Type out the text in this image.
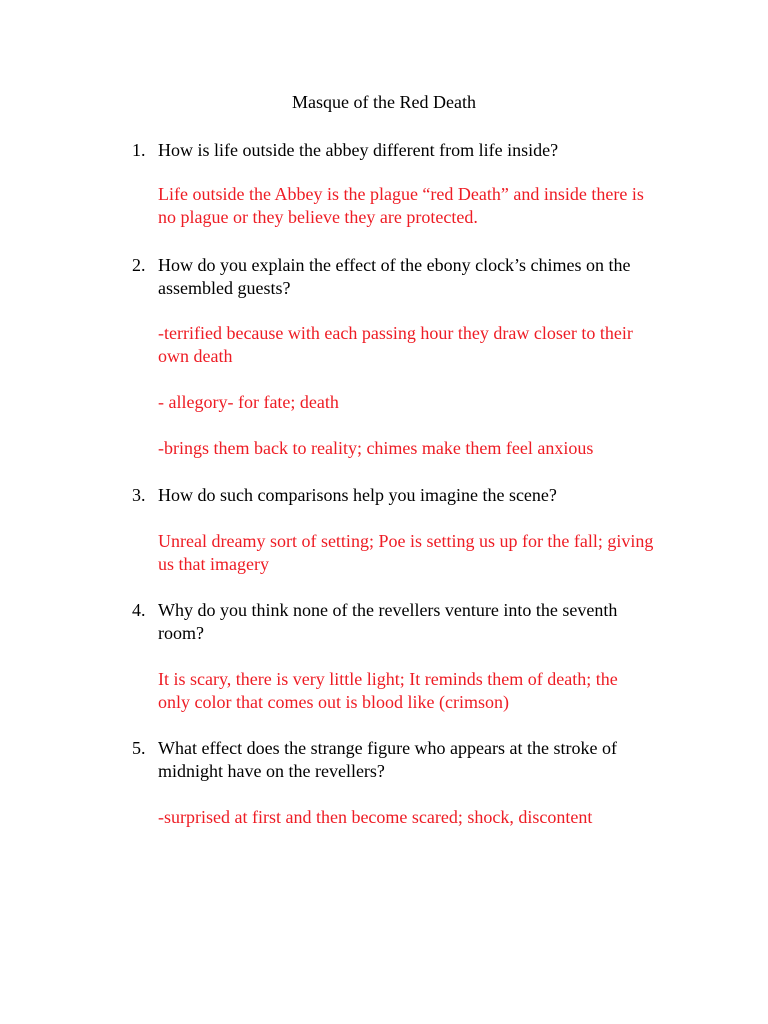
Masque of the Red Death
1. How is life outside the abbey different from life inside?
Life outside the Abbey is the plague “red Death” and inside there is no plague or they believe they are protected.
2. How do you explain the effect of the ebony clock’s chimes on the assembled guests?
-terrified because with each passing hour they draw closer to their own death
- allegory- for fate; death
-brings them back to reality; chimes make them feel anxious
3. How do such comparisons help you imagine the scene?
Unreal dreamy sort of setting; Poe is setting us up for the fall; giving us that imagery
4. Why do you think none of the revellers venture into the seventh room?
It is scary, there is very little light; It reminds them of death; the only color that comes out is blood like (crimson)
5. What effect does the strange figure who appears at the stroke of midnight have on the revellers?
-surprised at first and then become scared; shock, discontent
